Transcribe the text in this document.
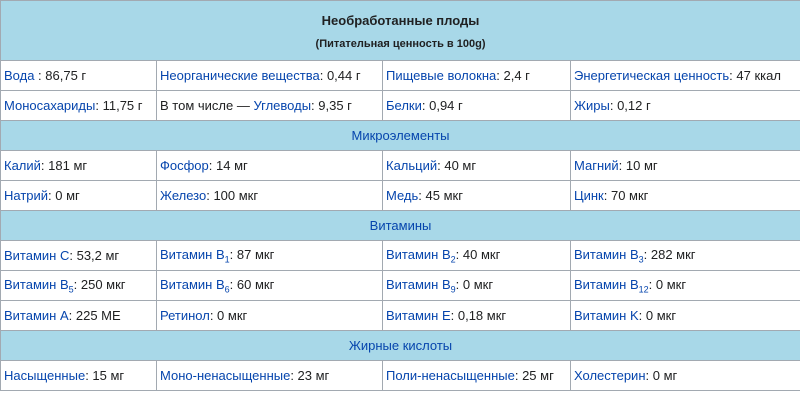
Необработанные плоды
(Питательная ценность в 100g)			

Вода : 86,75 г	Неорганические вещества: 0,44 г	Пищевые волокна: 2,4 г	Энергетическая ценность: 47 ккал
Моносахариды: 11,75 г	В том числе — Углеводы: 9,35 г	Белки: 0,94 г	Жиры: 0,12 г
Микроэлементы			
Калий: 181 мг	Фосфор: 14 мг	Кальций: 40 мг	Магний: 10 мг
Натрий: 0 мг	Железо: 100 мкг	Медь: 45 мкг	Цинк: 70 мкг
Витамины			
Витамин C: 53,2 мг	Витамин $B_1$: 87 мкг	Витамин $B_2$: 40 мкг	Витамин $B_3$: 282 мкг
Витамин $B_5$: 250 мкг	Витамин $B_6$: 60 мкг	Витамин $B_9$: 0 мкг	Витамин $B_{12}$: 0 мкг
Витамин A: 225 МЕ	Ретинол: 0 мкг	Витамин E: 0,18 мкг	Витамин K: 0 мкг
Жирные кислоты			
Насыщенные: 15 мг	Моно-ненасыщенные: 23 мг	Поли-ненасыщенные: 25 мг	Холестерин: 0 мг
